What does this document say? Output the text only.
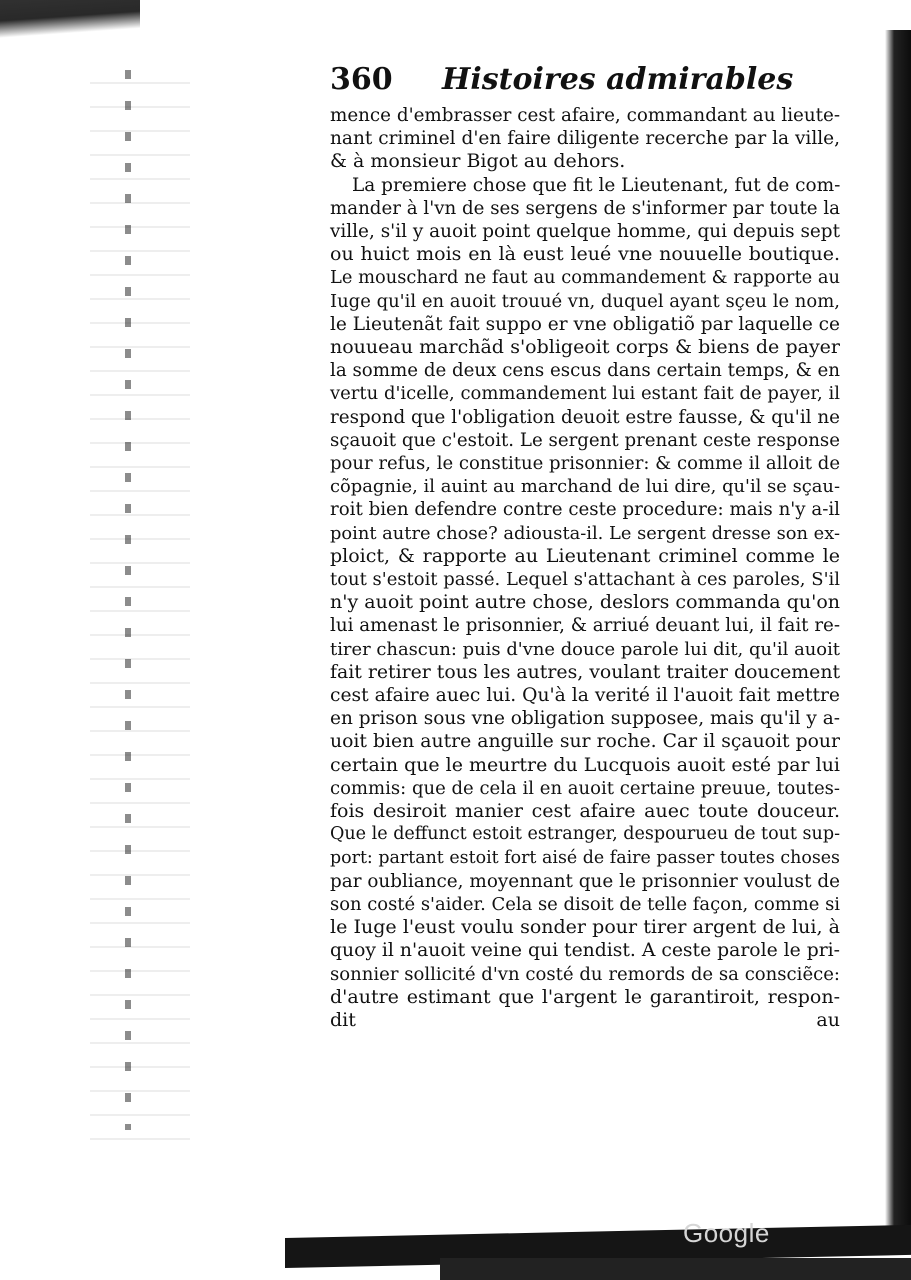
360 Histoires admirables
mence d'embrasser cest afaire, commandant au lieute-
nant criminel d'en faire diligente recerche par la ville,
& à monsieur Bigot au dehors.
La premiere chose que fit le Lieutenant, fut de com-
mander à l'vn de ses sergens de s'informer par toute la
ville, s'il y auoit point quelque homme, qui depuis sept
ou huict mois en là eust leué vne nouuelle boutique.
Le mouschard ne faut au commandement & rapporte au
Iuge qu'il en auoit trouué vn, duquel ayant sçeu le nom,
le Lieutenãt fait suppo er vne obligatiõ par laquelle ce
nouueau marchãd s'obligeoit corps & biens de payer
la somme de deux cens escus dans certain temps, & en
vertu d'icelle, commandement lui estant fait de payer, il
respond que l'obligation deuoit estre fausse, & qu'il ne
sçauoit que c'estoit. Le sergent prenant ceste response
pour refus, le constitue prisonnier: & comme il alloit de
cõpagnie, il auint au marchand de lui dire, qu'il se sçau-
roit bien defendre contre ceste procedure: mais n'y a-il
point autre chose? adiousta-il. Le sergent dresse son ex-
ploict, & rapporte au Lieutenant criminel comme le
tout s'estoit passé. Lequel s'attachant à ces paroles, S'il
n'y auoit point autre chose, deslors commanda qu'on
lui amenast le prisonnier, & arriué deuant lui, il fait re-
tirer chascun: puis d'vne douce parole lui dit, qu'il auoit
fait retirer tous les autres, voulant traiter doucement
cest afaire auec lui. Qu'à la verité il l'auoit fait mettre
en prison sous vne obligation supposee, mais qu'il y a-
uoit bien autre anguille sur roche. Car il sçauoit pour
certain que le meurtre du Lucquois auoit esté par lui
commis: que de cela il en auoit certaine preuue, toutes-
fois desiroit manier cest afaire auec toute douceur.
Que le deffunct estoit estranger, despourueu de tout sup-
port: partant estoit fort aisé de faire passer toutes choses
par oubliance, moyennant que le prisonnier voulust de
son costé s'aider. Cela se disoit de telle façon, comme si
le Iuge l'eust voulu sonder pour tirer argent de lui, à
quoy il n'auoit veine qui tendist. A ceste parole le pri-
sonnier sollicité d'vn costé du remords de sa consciẽce:
d'autre estimant que l'argent le garantiroit, respon-
dit au
Google
